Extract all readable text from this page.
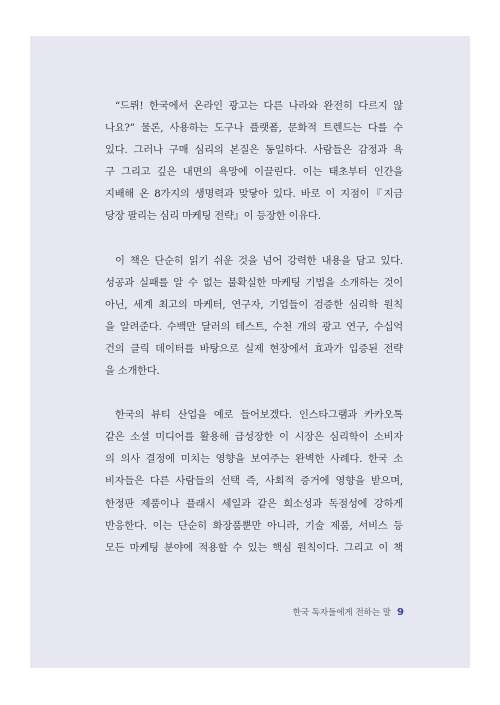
“드뤼! 한국에서 온라인 광고는 다른 나라와 완전히 다르지 않
나요?” 물론, 사용하는 도구나 플랫폼, 문화적 트렌드는 다를 수
있다. 그러나 구매 심리의 본질은 동일하다. 사람들은 감정과 욕
구 그리고 깊은 내면의 욕망에 이끌린다. 이는 태초부터 인간을
지배해 온 8가지의 생명력과 맞닿아 있다. 바로 이 지점이『지금
당장 팔리는 심리 마케팅 전략』이 등장한 이유다.
이 책은 단순히 읽기 쉬운 것을 넘어 강력한 내용을 담고 있다.
성공과 실패를 알 수 없는 불확실한 마케팅 기법을 소개하는 것이
아닌, 세계 최고의 마케터, 연구자, 기업들이 검증한 심리학 원칙
을 알려준다. 수백만 달러의 테스트, 수천 개의 광고 연구, 수십억
건의 클릭 데이터를 바탕으로 실제 현장에서 효과가 입증된 전략
을 소개한다.
한국의 뷰티 산업을 예로 들어보겠다. 인스타그램과 카카오톡
같은 소셜 미디어를 활용해 급성장한 이 시장은 심리학이 소비자
의 의사 결정에 미치는 영향을 보여주는 완벽한 사례다. 한국 소
비자들은 다른 사람들의 선택 즉, 사회적 증거에 영향을 받으며,
한정판 제품이나 플래시 세일과 같은 희소성과 독점성에 강하게
반응한다. 이는 단순히 화장품뿐만 아니라, 기술 제품, 서비스 등
모든 마케팅 분야에 적용할 수 있는 핵심 원칙이다. 그리고 이 책
한국 독자들에게 전하는 말 9
